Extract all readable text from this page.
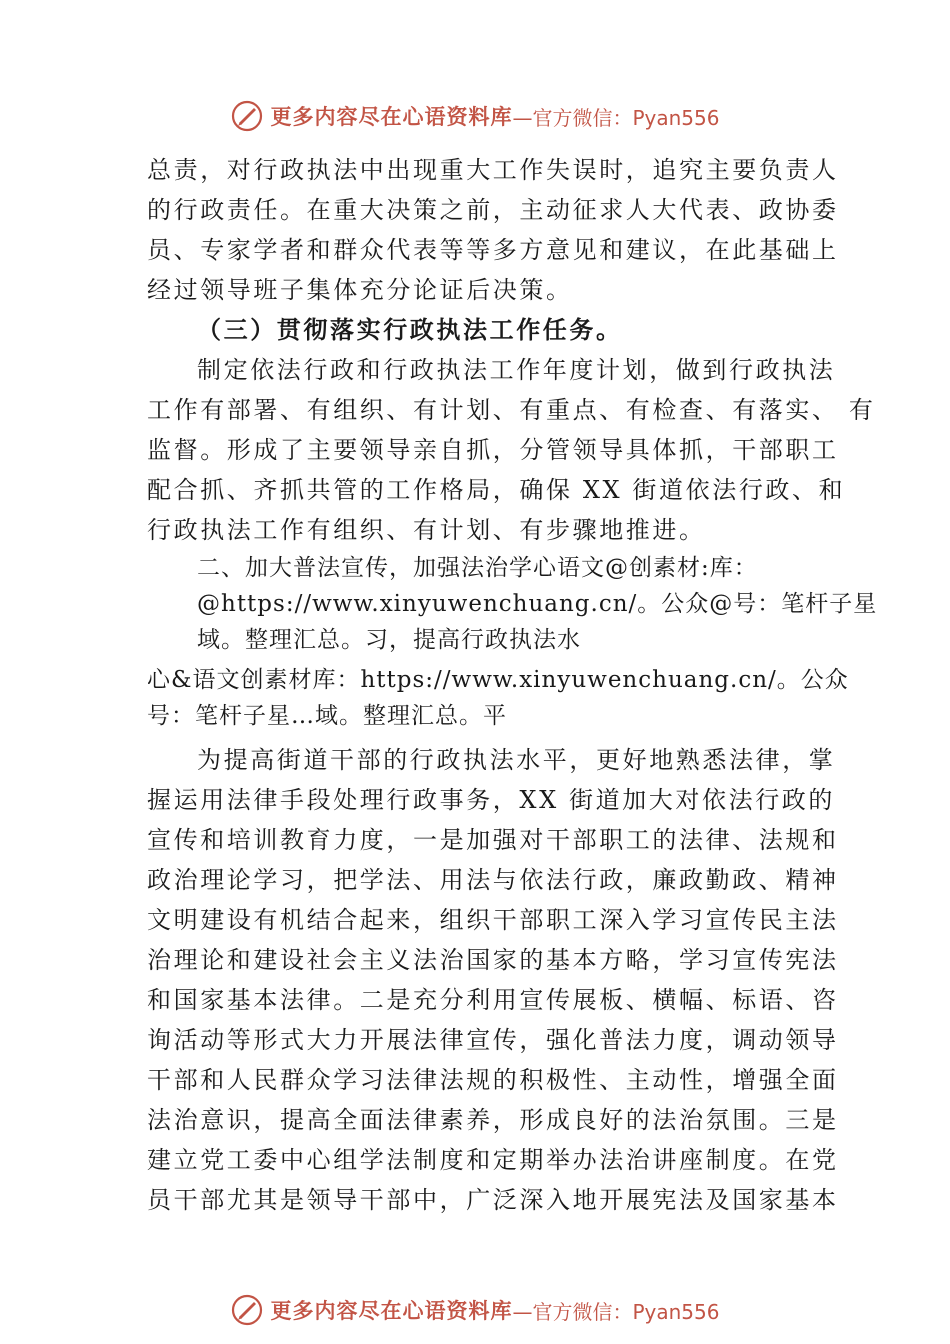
更多内容尽在心语资料库 —官方微信：Pyan556
总责，对行政执法中出现重大工作失误时，追究主要负责人
的行政责任。在重大决策之前，主动征求人大代表、政协委
员、专家学者和群众代表等等多方意见和建议，在此基础上
经过领导班子集体充分论证后决策。
（三）贯彻落实行政执法工作任务。
制定依法行政和行政执法工作年度计划，做到行政执法
工作有部署、有组织、有计划、有重点、有检查、有落实、 有
监督。形成了主要领导亲自抓，分管领导具体抓，干部职工
配合抓、齐抓共管的工作格局，确保 XX 街道依法行政、和
行政执法工作有组织、有计划、有步骤地推进。
二、加大普法宣传，加强法治学心语文@创素材:库：
@https://www.xinyuwenchuang.cn/。公众@号：笔杆子星
域。整理汇总。习，提高行政执法水
心&语文创素材库：https://www.xinyuwenchuang.cn/。公众
号：笔杆子星…域。整理汇总。平
为提高街道干部的行政执法水平，更好地熟悉法律，掌
握运用法律手段处理行政事务，XX 街道加大对依法行政的
宣传和培训教育力度，一是加强对干部职工的法律、法规和
政治理论学习，把学法、用法与依法行政，廉政勤政、精神
文明建设有机结合起来，组织干部职工深入学习宣传民主法
治理论和建设社会主义法治国家的基本方略，学习宣传宪法
和国家基本法律。二是充分利用宣传展板、横幅、标语、咨
询活动等形式大力开展法律宣传，强化普法力度，调动领导
干部和人民群众学习法律法规的积极性、主动性，增强全面
法治意识，提高全面法律素养，形成良好的法治氛围。三是
建立党工委中心组学法制度和定期举办法治讲座制度。在党
员干部尤其是领导干部中，广泛深入地开展宪法及国家基本
更多内容尽在心语资料库 —官方微信：Pyan556
